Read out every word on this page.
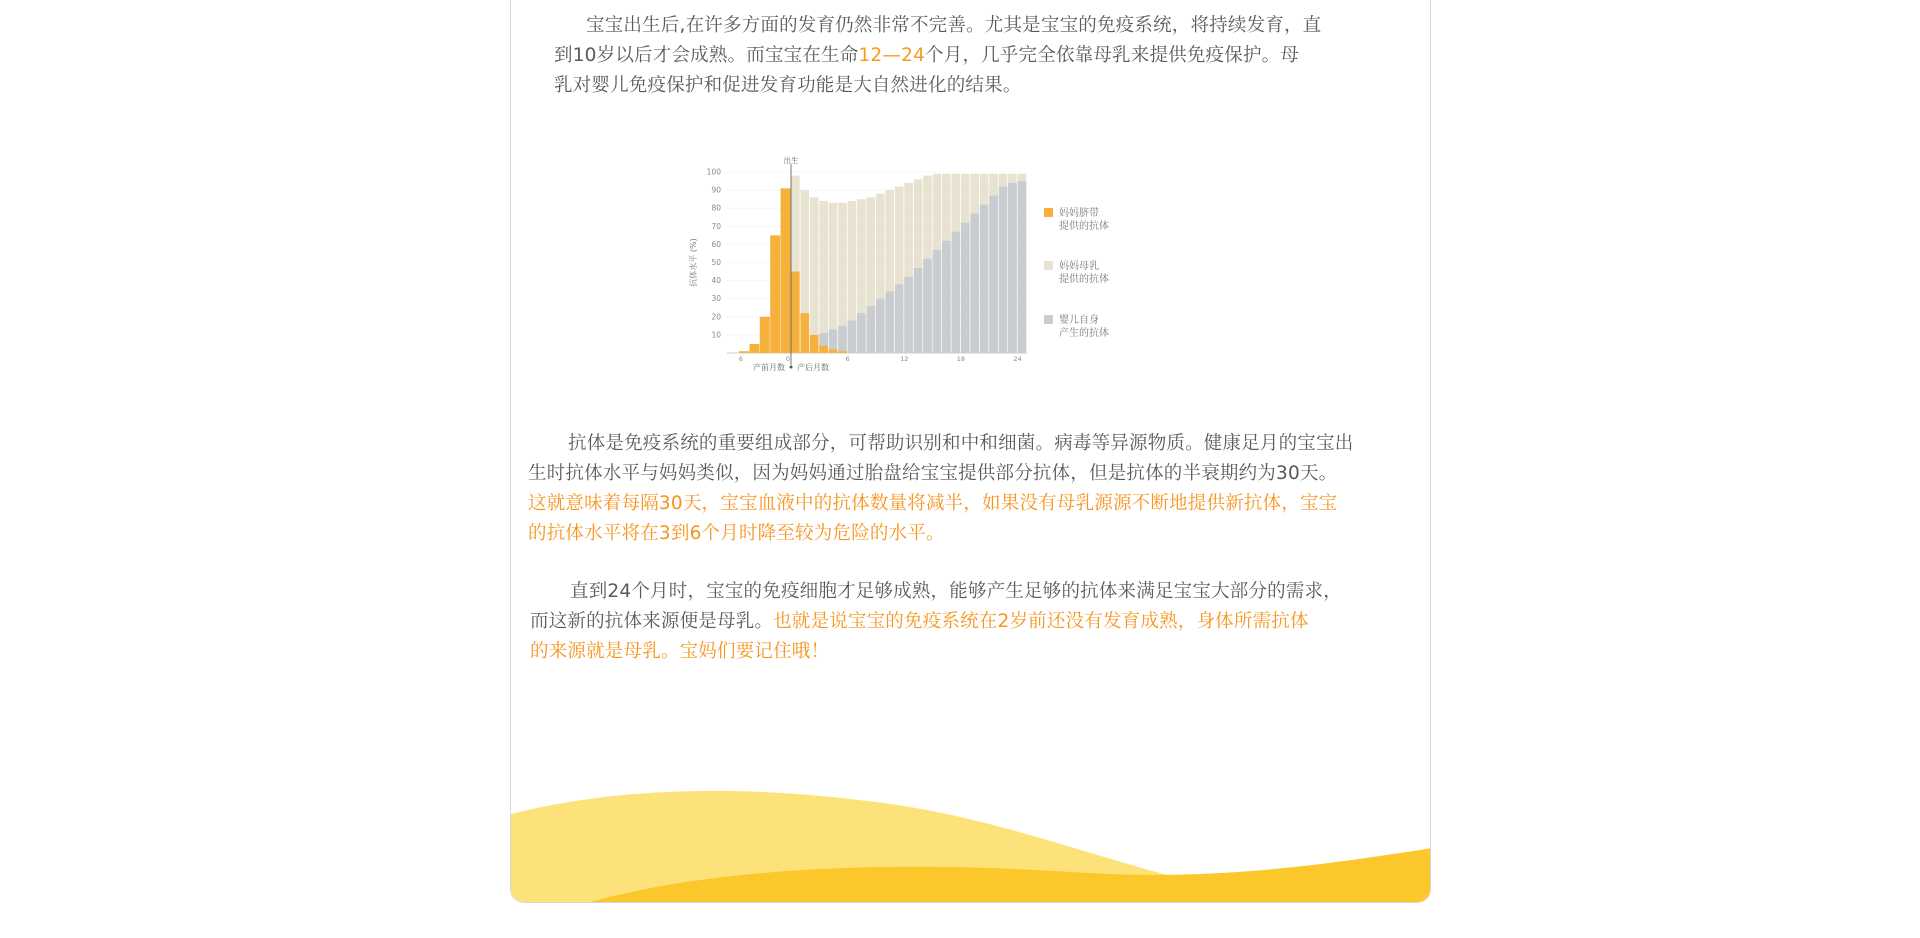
宝宝出生后,在许多方面的发育仍然非常不完善。尤其是宝宝的免疫系统，将持续发育，直
到10岁以后才会成熟。而宝宝在生命12—24个月，几乎完全依靠母乳来提供免疫保护。母
乳对婴儿免疫保护和促进发育功能是大自然进化的结果。
10
20
30
40
50
60
70
80
90
100
抗体水平 (%)
出生
6	0	6	12	18	24
产前月数 产后月数
妈妈脐带
提供的抗体
妈妈母乳
提供的抗体
婴儿自身
产生的抗体
抗体是免疫系统的重要组成部分，可帮助识别和中和细菌。病毒等异源物质。健康足月的宝宝出
生时抗体水平与妈妈类似，因为妈妈通过胎盘给宝宝提供部分抗体，但是抗体的半衰期约为30天。
这就意味着每隔30天，宝宝血液中的抗体数量将减半，如果没有母乳源源不断地提供新抗体，宝宝
的抗体水平将在3到6个月时降至较为危险的水平。
直到24个月时，宝宝的免疫细胞才足够成熟，能够产生足够的抗体来满足宝宝大部分的需求，
而这新的抗体来源便是母乳。也就是说宝宝的免疫系统在2岁前还没有发育成熟，身体所需抗体
的来源就是母乳。宝妈们要记住哦！
